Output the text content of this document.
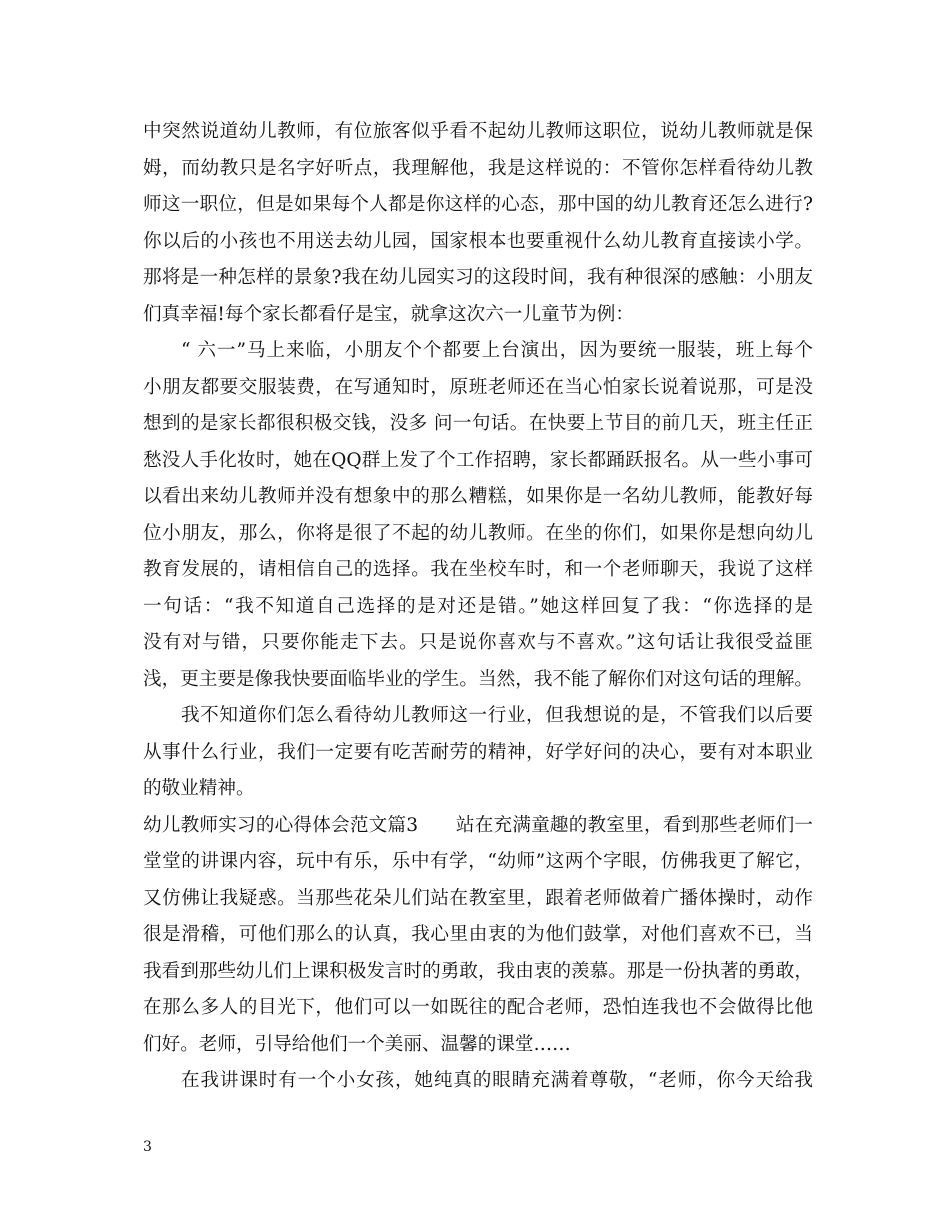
中突然说道幼儿教师，有位旅客似乎看不起幼儿教师这职位，说幼儿教师就是保
姆，而幼教只是名字好听点，我理解他，我是这样说的：不管你怎样看待幼儿教
师这一职位，但是如果每个人都是你这样的心态，那中国的幼儿教育还怎么进行?
你以后的小孩也不用送去幼儿园，国家根本也要重视什么幼儿教育直接读小学。
那将是一种怎样的景象?我在幼儿园实习的这段时间，我有种很深的感触：小朋友
们真幸福!每个家长都看仔是宝，就拿这次六一儿童节为例：
“ 六一”马上来临，小朋友个个都要上台演出，因为要统一服装，班上每个
小朋友都要交服装费，在写通知时，原班老师还在当心怕家长说着说那，可是没
想到的是家长都很积极交钱，没多 问一句话。在快要上节目的前几天，班主任正
愁没人手化妆时，她在QQ群上发了个工作招聘，家长都踊跃报名。从一些小事可
以看出来幼儿教师并没有想象中的那么糟糕，如果你是一名幼儿教师，能教好每
位小朋友，那么，你将是很了不起的幼儿教师。在坐的你们，如果你是想向幼儿
教育发展的，请相信自己的选择。我在坐校车时，和一个老师聊天，我说了这样
一句话：“我不知道自己选择的是对还是错。”她这样回复了我：“你选择的是
没有对与错，只要你能走下去。只是说你喜欢与不喜欢。”这句话让我很受益匪
浅，更主要是像我快要面临毕业的学生。当然，我不能了解你们对这句话的理解。
我不知道你们怎么看待幼儿教师这一行业，但我想说的是，不管我们以后要
从事什么行业，我们一定要有吃苦耐劳的精神，好学好问的决心，要有对本职业
的敬业精神。
幼儿教师实习的心得体会范文篇3　　站在充满童趣的教室里，看到那些老师们一
堂堂的讲课内容，玩中有乐，乐中有学，“幼师”这两个字眼，仿佛我更了解它，
又仿佛让我疑惑。当那些花朵儿们站在教室里，跟着老师做着广播体操时，动作
很是滑稽，可他们那么的认真，我心里由衷的为他们鼓掌，对他们喜欢不已，当
我看到那些幼儿们上课积极发言时的勇敢，我由衷的羡慕。那是一份执著的勇敢，
在那么多人的目光下，他们可以一如既往的配合老师，恐怕连我也不会做得比他
们好。老师，引导给他们一个美丽、温馨的课堂……
在我讲课时有一个小女孩，她纯真的眼睛充满着尊敬，“老师，你今天给我
3
